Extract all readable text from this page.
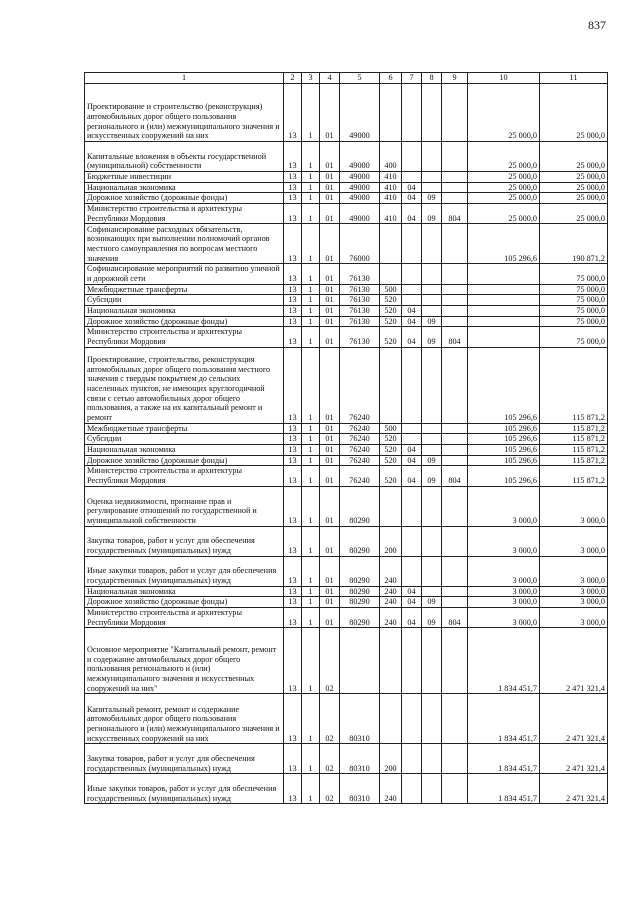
837
1	2	3	4	5	6	7	8	9	10	11
Проектирование и строительство (реконструкция) автомобильных дорог общего пользования регионального и (или) межмуниципального значения и искусственных сооружений на них	13	1	01	49000					25 000,0	25 000,0
Капитальные вложения в объекты государственной (муниципальной) собственности	13	1	01	49000	400				25 000,0	25 000,0
Бюджетные инвестиции	13	1	01	49000	410				25 000,0	25 000,0
Национальная экономика	13	1	01	49000	410	04			25 000,0	25 000,0
Дорожное хозяйство (дорожные фонды)	13	1	01	49000	410	04	09		25 000,0	25 000,0
Министерство строительства и архитектуры Республики Мордовия	13	1	01	49000	410	04	09	804	25 000,0	25 000,0
Софинансирование расходных обязательств, возникающих при выполнении полномочий органов местного самоуправления по вопросам местного значения	13	1	01	76000					105 296,6	190 871,2
Софинансирование мероприятий по развитию уличной и дорожной сети	13	1	01	76130						75 000,0
Межбюджетные трансферты	13	1	01	76130	500					75 000,0
Субсидии	13	1	01	76130	520					75 000,0
Национальная экономика	13	1	01	76130	520	04				75 000,0
Дорожное хозяйство (дорожные фонды)	13	1	01	76130	520	04	09			75 000,0
Министерство строительства и архитектуры Республики Мордовия	13	1	01	76130	520	04	09	804		75 000,0
Проектирование, строительство, реконструкция автомобильных дорог общего пользования местного значения с твердым покрытием до сельских населенных пунктов, не имеющих круглогодичной связи с сетью автомобильных дорог общего пользования, а также на их капитальный ремонт и ремонт	13	1	01	76240					105 296,6	115 871,2
Межбюджетные трансферты	13	1	01	76240	500				105 296,6	115 871,2
Субсидии	13	1	01	76240	520				105 296,6	115 871,2
Национальная экономика	13	1	01	76240	520	04			105 296,6	115 871,2
Дорожное хозяйство (дорожные фонды)	13	1	01	76240	520	04	09		105 296,6	115 871,2
Министерство строительства и архитектуры Республики Мордовия	13	1	01	76240	520	04	09	804	105 296,6	115 871,2
Оценка недвижимости, признание прав и регулирование отношений по государственной и муниципальной собственности	13	1	01	80290					3 000,0	3 000,0
Закупка товаров, работ и услуг для обеспечения государственных (муниципальных) нужд	13	1	01	80290	200				3 000,0	3 000,0
Иные закупки товаров, работ и услуг для обеспечения государственных (муниципальных) нужд	13	1	01	80290	240				3 000,0	3 000,0
Национальная экономика	13	1	01	80290	240	04			3 000,0	3 000,0
Дорожное хозяйство (дорожные фонды)	13	1	01	80290	240	04	09		3 000,0	3 000,0
Министерство строительства и архитектуры Республики Мордовия	13	1	01	80290	240	04	09	804	3 000,0	3 000,0
Основное мероприятие "Капитальный ремонт, ремонт и содержание автомобильных дорог общего пользования регионального и (или) межмуниципального значения и искусственных сооружений на них"	13	1	02						1 834 451,7	2 471 321,4
Капитальный ремонт, ремонт и содержание автомобильных дорог общего пользования регионального и (или) межмуниципального значения и искусственных сооружений на них	13	1	02	80310					1 834 451,7	2 471 321,4
Закупка товаров, работ и услуг для обеспечения государственных (муниципальных) нужд	13	1	02	80310	200				1 834 451,7	2 471 321,4
Иные закупки товаров, работ и услуг для обеспечения государственных (муниципальных) нужд	13	1	02	80310	240				1 834 451,7	2 471 321,4
